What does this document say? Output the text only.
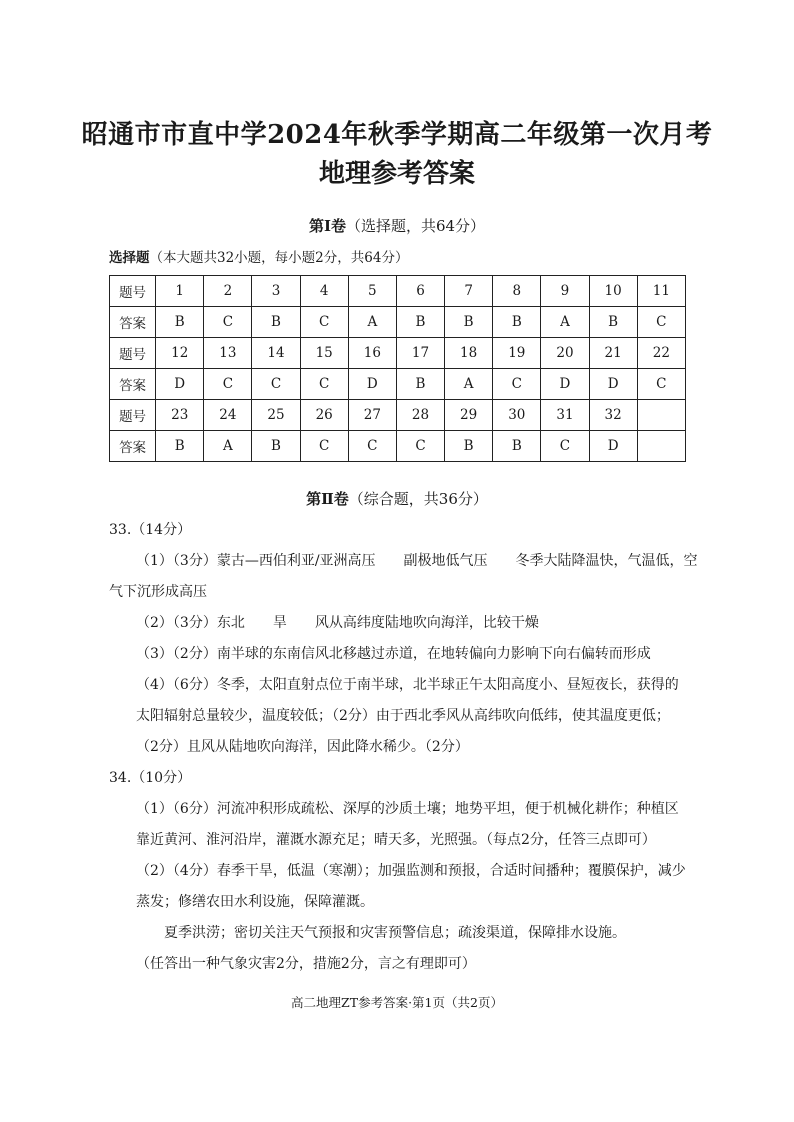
昭通市市直中学2024年秋季学期高二年级第一次月考
地理参考答案
第Ⅰ卷（选择题，共64分）
选择题（本大题共32小题，每小题2分，共64分）
题号	1	2	3	4	5	6	7	8	9	10	11
答案	B	C	B	C	A	B	B	B	A	B	C
题号	12	13	14	15	16	17	18	19	20	21	22
答案	D	C	C	C	D	B	A	C	D	D	C
题号	23	24	25	26	27	28	29	30	31	32	
答案	B	A	B	C	C	C	B	B	C	D	
第Ⅱ卷（综合题，共36分）
33.（14分）
（1）（3分）蒙古—西伯利亚/亚洲高压　　副极地低气压　　冬季大陆降温快，气温低，空
气下沉形成高压
（2）（3分）东北　　旱　　风从高纬度陆地吹向海洋，比较干燥
（3）（2分）南半球的东南信风北移越过赤道，在地转偏向力影响下向右偏转而形成
（4）（6分）冬季，太阳直射点位于南半球，北半球正午太阳高度小、昼短夜长，获得的
太阳辐射总量较少，温度较低；（2分）由于西北季风从高纬吹向低纬，使其温度更低；
（2分）且风从陆地吹向海洋，因此降水稀少。（2分）
34.（10分）
（1）（6分）河流冲积形成疏松、深厚的沙质土壤；地势平坦，便于机械化耕作；种植区
靠近黄河、淮河沿岸，灌溉水源充足；晴天多，光照强。（每点2分，任答三点即可）
（2）（4分）春季干旱，低温（寒潮）；加强监测和预报，合适时间播种；覆膜保护，减少
蒸发；修缮农田水利设施，保障灌溉。
夏季洪涝；密切关注天气预报和灾害预警信息；疏浚渠道，保障排水设施。
（任答出一种气象灾害2分，措施2分，言之有理即可）
高二地理ZT参考答案·第1页（共2页）
